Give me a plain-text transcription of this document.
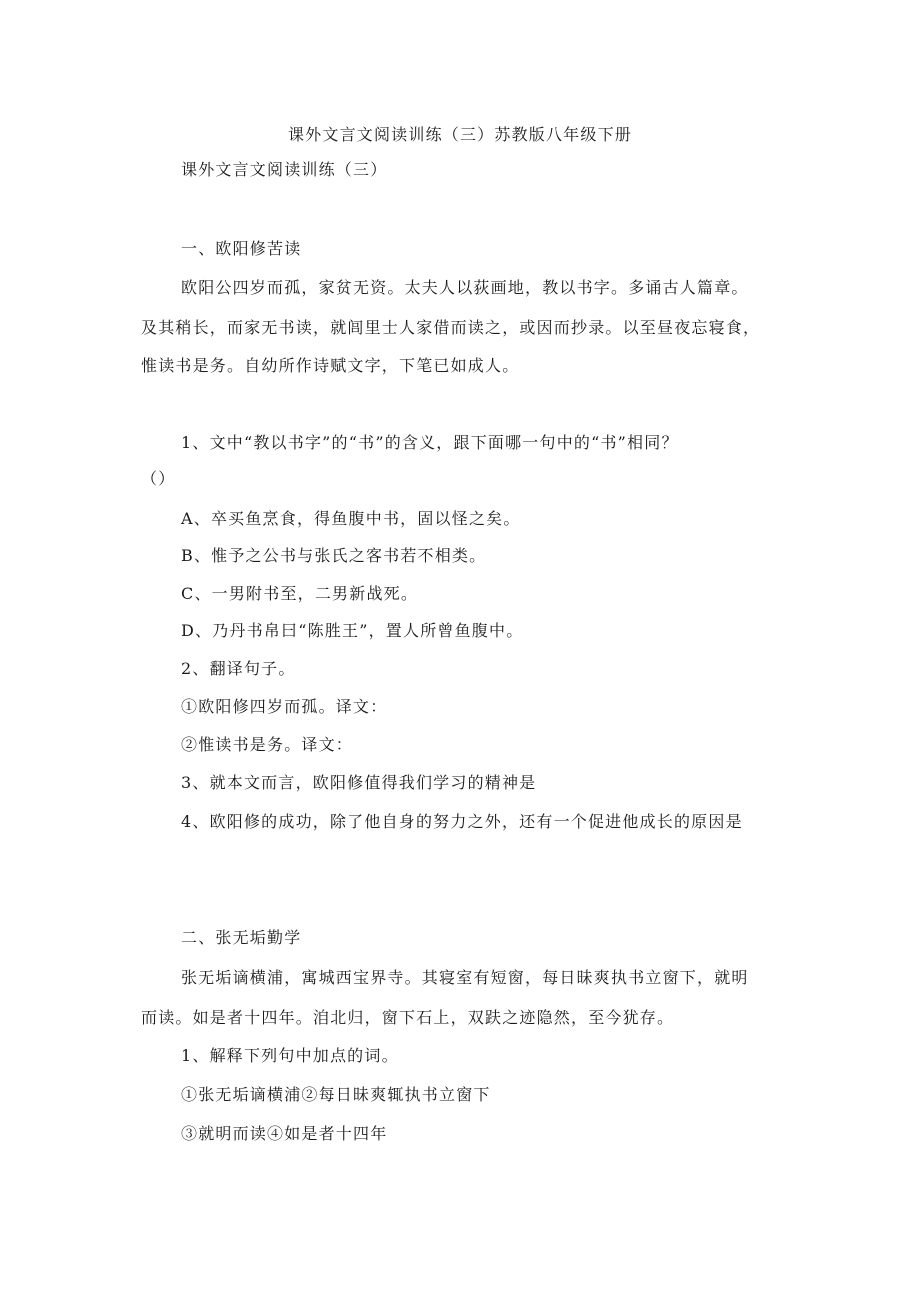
课外文言文阅读训练（三）苏教版八年级下册
课外文言文阅读训练（三）
一、欧阳修苦读
欧阳公四岁而孤，家贫无资。太夫人以荻画地，教以书字。多诵古人篇章。
及其稍长，而家无书读，就闾里士人家借而读之，或因而抄录。以至昼夜忘寝食，
惟读书是务。自幼所作诗赋文字，下笔已如成人。
1、文中“教以书字”的“书”的含义，跟下面哪一句中的“书”相同？
（）
A、卒买鱼烹食，得鱼腹中书，固以怪之矣。
B、惟予之公书与张氏之客书若不相类。
C、一男附书至，二男新战死。
D、乃丹书帛曰“陈胜王”，置人所曾鱼腹中。
2、翻译句子。
①欧阳修四岁而孤。译文：
②惟读书是务。译文：
3、就本文而言，欧阳修值得我们学习的精神是
4、欧阳修的成功，除了他自身的努力之外，还有一个促进他成长的原因是
二、张无垢勤学
张无垢谪横浦，寓城西宝界寺。其寝室有短窗，每日昧爽执书立窗下，就明
而读。如是者十四年。洎北归，窗下石上，双趺之迹隐然，至今犹存。
1、解释下列句中加点的词。
①张无垢谪横浦②每日昧爽辄执书立窗下
③就明而读④如是者十四年
